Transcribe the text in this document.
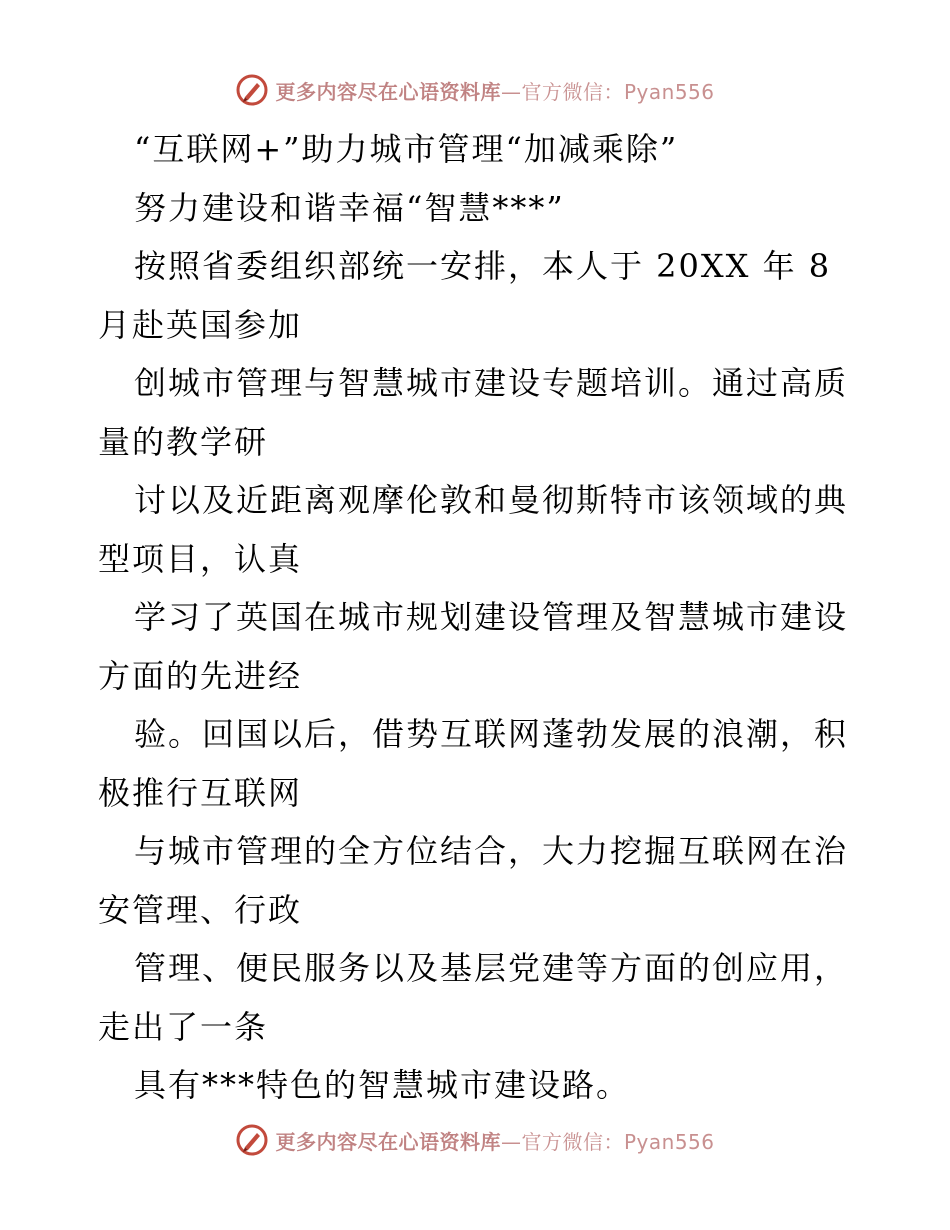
更多内容尽在心语资料库—官方微信：Pyan556
“互联网+”助力城市管理“加减乘除”
努力建设和谐幸福“智慧***”
按照省委组织部统一安排，本人于 20XX 年 8
月赴英国参加
创城市管理与智慧城市建设专题培训。通过高质
量的教学研
讨以及近距离观摩伦敦和曼彻斯特市该领域的典
型项目，认真
学习了英国在城市规划建设管理及智慧城市建设
方面的先进经
验。回国以后，借势互联网蓬勃发展的浪潮，积
极推行互联网
与城市管理的全方位结合，大力挖掘互联网在治
安管理、行政
管理、便民服务以及基层党建等方面的创应用，
走出了一条
具有***特色的智慧城市建设路。
更多内容尽在心语资料库—官方微信：Pyan556
